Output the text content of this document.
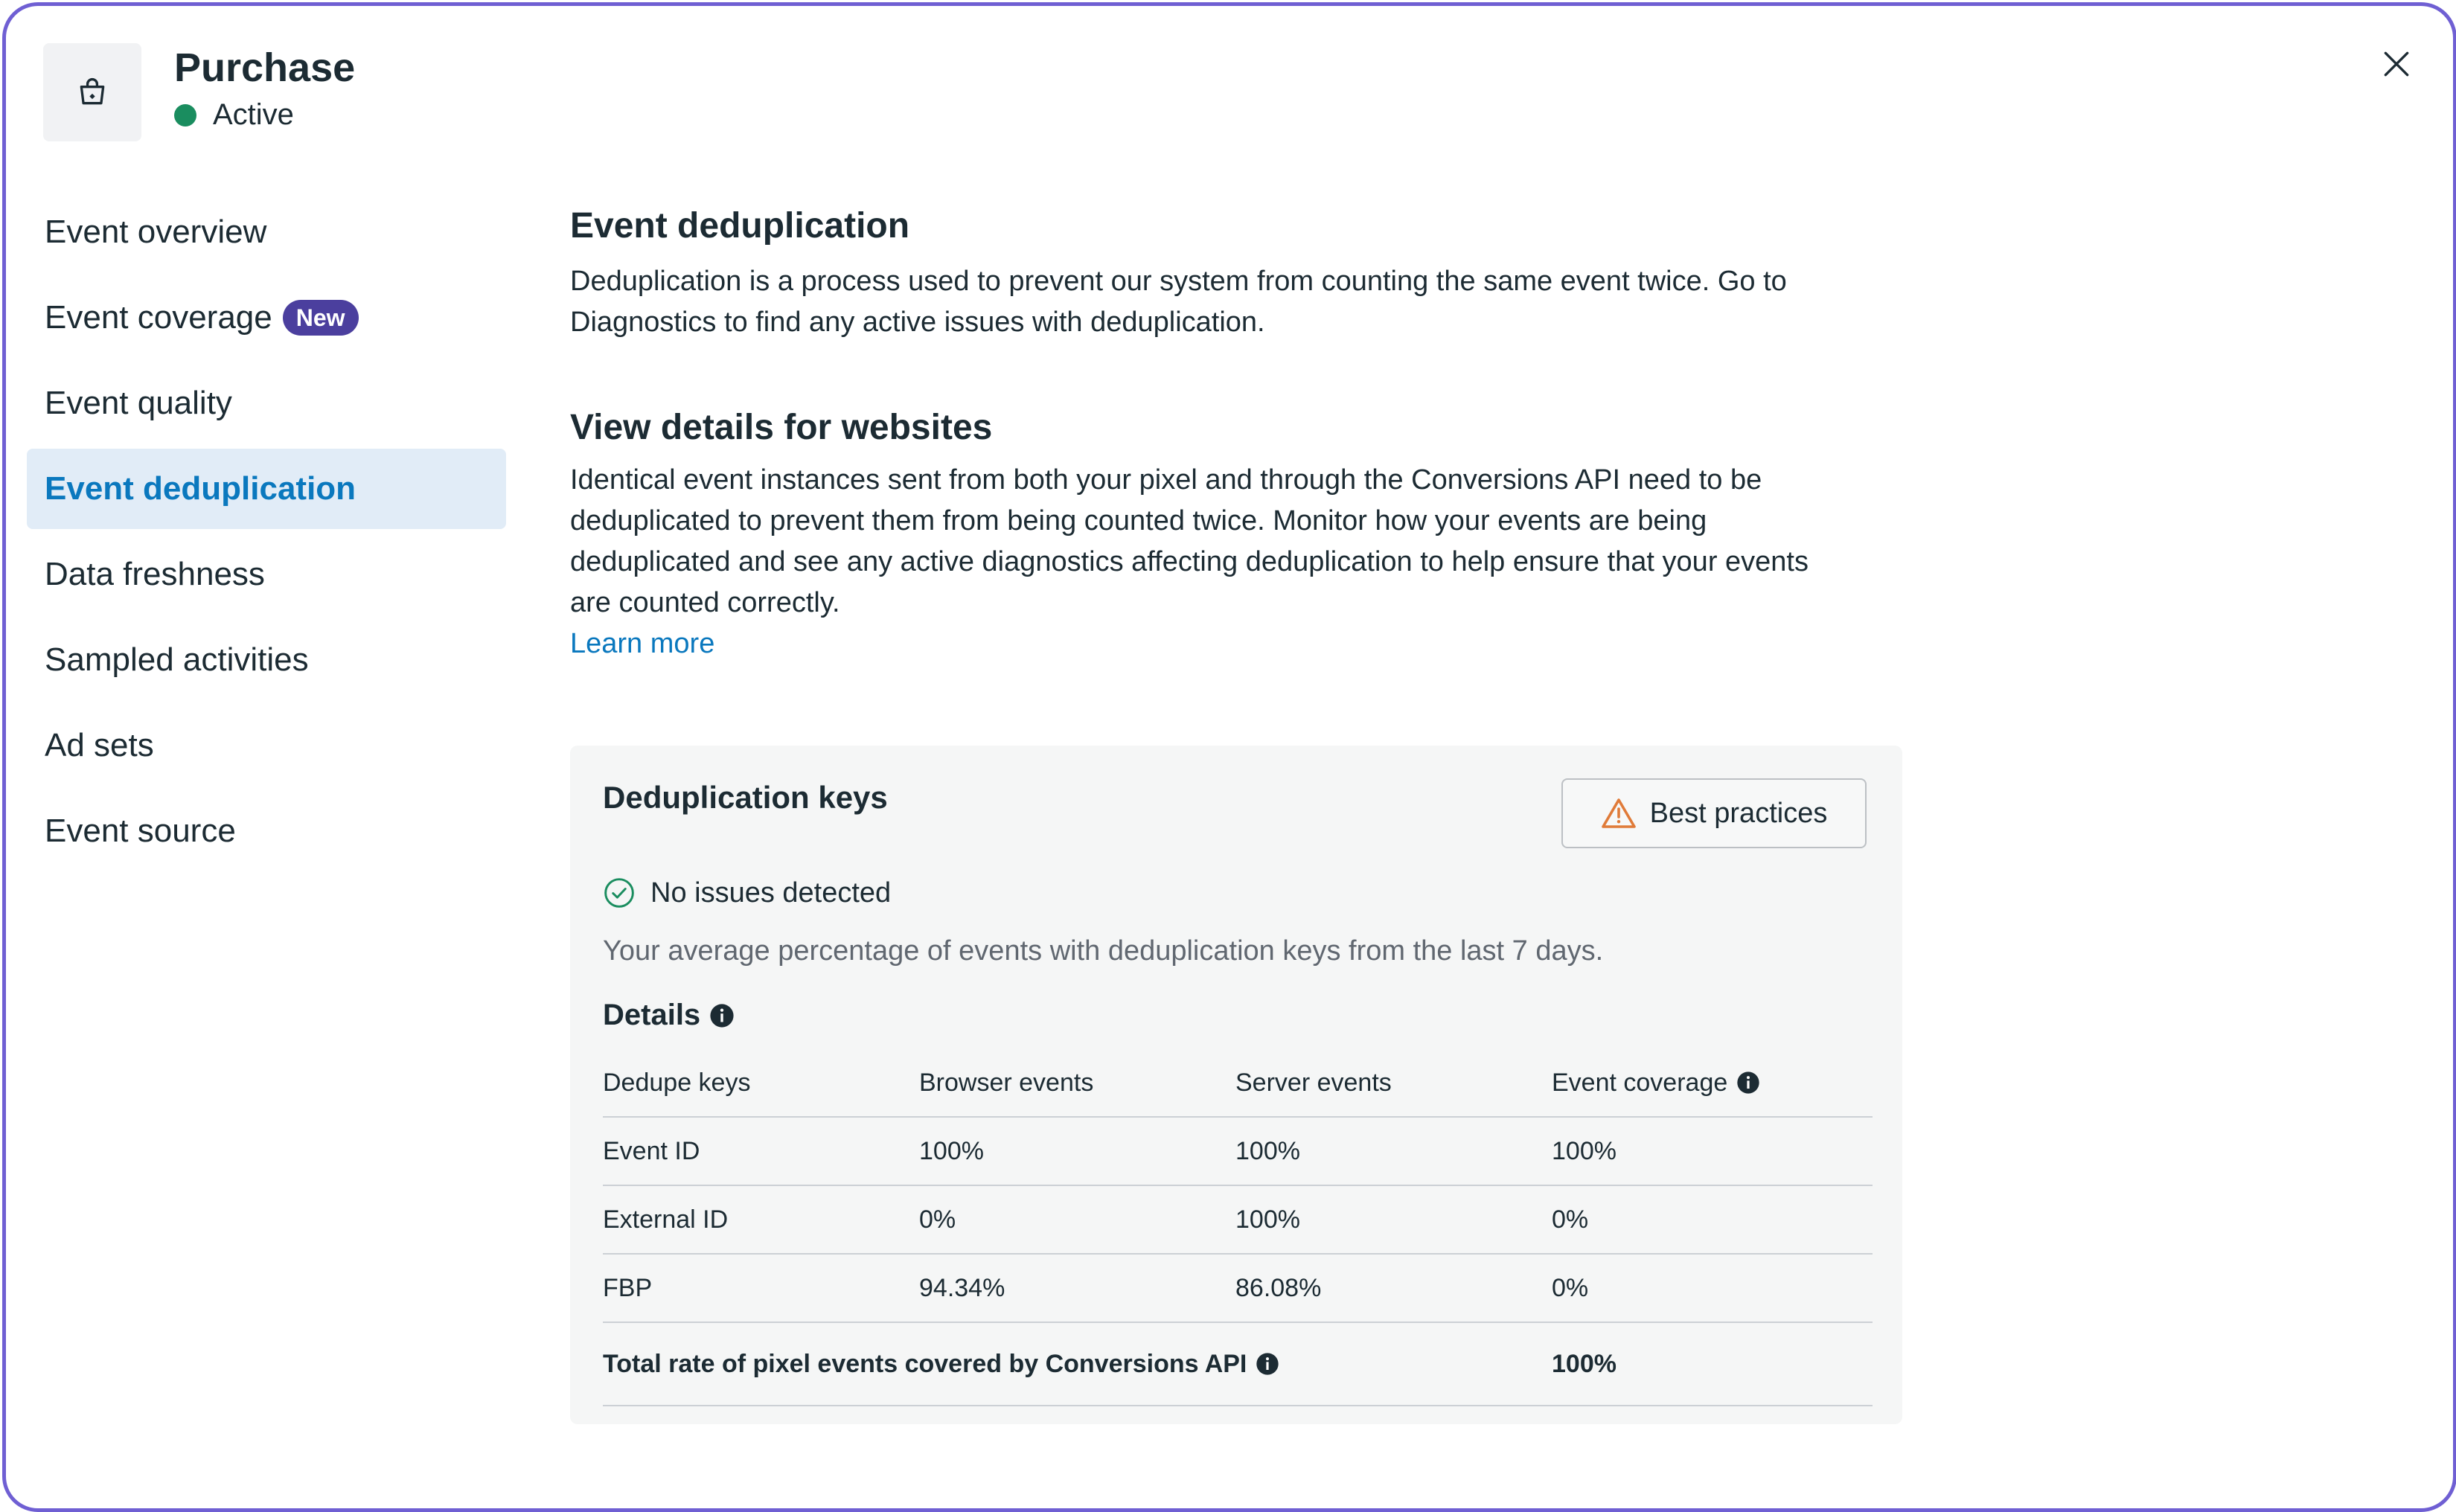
Purchase
Active
Event overview
Event coverage	New
Event quality
Event deduplication
Data freshness
Sampled activities
Ad sets
Event source
Event deduplication

Deduplication is a process used to prevent our system from counting the same event twice. Go to Diagnostics to find any active issues with deduplication.

View details for websites

Identical event instances sent from both your pixel and through the Conversions API need to be deduplicated to prevent them from being counted twice. Monitor how your events are being deduplicated and see any active diagnostics affecting deduplication to help ensure that your events are counted correctly.

Learn more
Deduplication keys	Best practices
No issues detected
Your average percentage of events with deduplication keys from the last 7 days.
Details
Dedupe keys	Browser events	Server events	Event coverage
Event ID	100%	100%	100%
External ID	0%	100%	0%
FBP	94.34%	86.08%	0%
Total rate of pixel events covered by Conversions API	100%
